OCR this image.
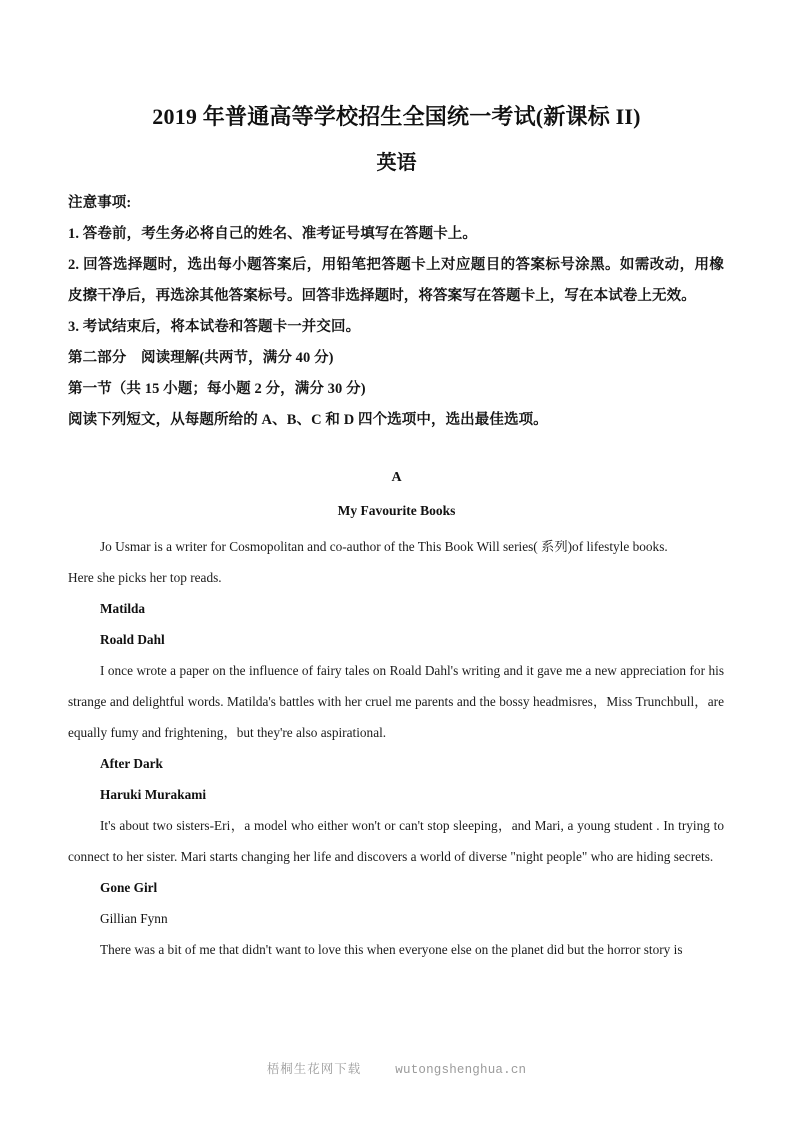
2019 年普通高等学校招生全国统一考试(新课标 II)
英语
注意事项:
1. 答卷前，考生务必将自己的姓名、准考证号填写在答题卡上。
2. 回答选择题时，选出每小题答案后，用铅笔把答题卡上对应题目的答案标号涂黑。如需改动，用橡皮擦干净后，再选涂其他答案标号。回答非选择题时，将答案写在答题卡上，写在本试卷上无效。
3. 考试结束后，将本试卷和答题卡一并交回。
第二部分　阅读理解(共两节，满分 40 分)
第一节（共 15 小题；每小题 2 分，满分 30 分)
阅读下列短文，从每题所给的 A、B、C 和 D 四个选项中，选出最佳选项。
A
My Favourite Books

Jo Usmar is a writer for Cosmopolitan and co-author of the This Book Will series( 系列)of lifestyle books.

Here she picks her top reads.

Matilda

Roald Dahl

I once wrote a paper on the influence of fairy tales on Roald Dahl's writing and it gave me a new appreciation for his strange and delightful words. Matilda's battles with her cruel me parents and the bossy headmisres，Miss Trunchbull，are equally fumy and frightening，but they're also aspirational.

After Dark

Haruki Murakami

It's about two sisters-Eri，a model who either won't or can't stop sleeping，and Mari, a young student . In trying to connect to her sister. Mari starts changing her life and discovers a world of diverse "night people" who are hiding secrets.

Gone Girl

Gillian Fynn

There was a bit of me that didn't want to love this when everyone else on the planet did but the horror story is

梧桐生花网下载	wutongshenghua.cn
